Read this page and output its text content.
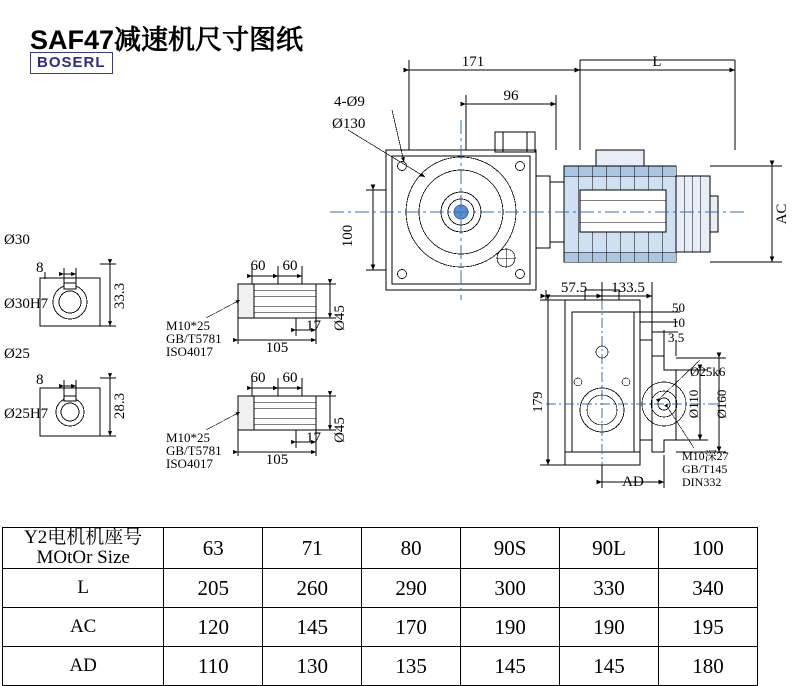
SAF47减速机尺寸图纸
BOSERL	171
96
L
4-Ø9
Ø130
100
AC
Ø30
Ø30H7
8
33.3
Ø25
Ø25H7
8
28.3
60 60
17
105
Ø45
M10*25
GB/T5781
ISO4017
60 60
17
105
Ø45
M10*25
GB/T5781
ISO4017
57.5 133.5
50
10
3.5
Ø25k6
Ø110 Ø160
179
AD
M10深27
GB/T145
DIN332
Y2电机机座号
MOtOr Size	63	71	80	90S	90L	100
L	205	260	290	300	330	340
AC	120	145	170	190	190	195
AD	110	130	135	145	145	180
